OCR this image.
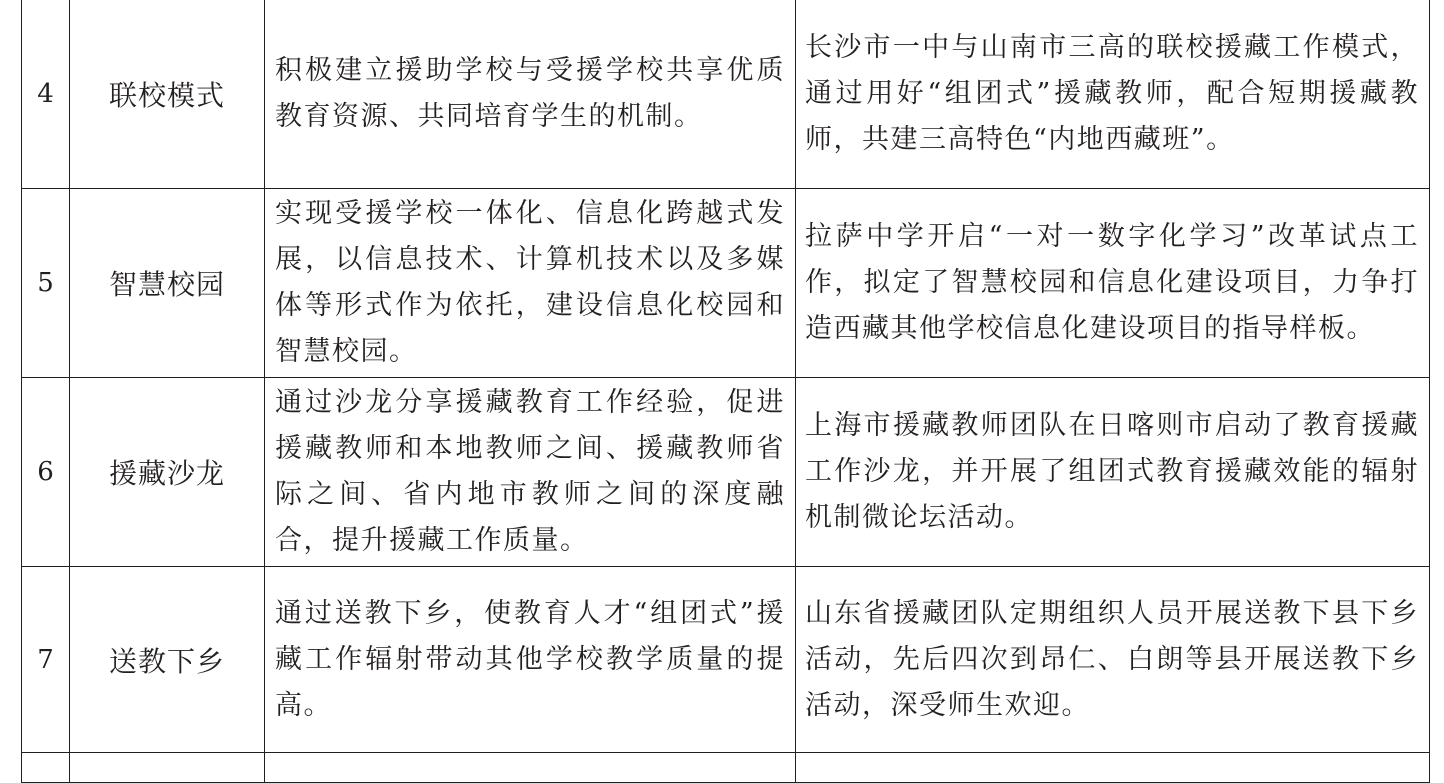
4	联校模式	积极建立援助学校与受援学校共享优质教育资源、共同培育学生的机制。	长沙市一中与山南市三高的联校援藏工作模式，通过用好“组团式”援藏教师，配合短期援藏教师，共建三高特色“内地西藏班”。

5	智慧校园	实现受援学校一体化、信息化跨越式发展，以信息技术、计算机技术以及多媒体等形式作为依托，建设信息化校园和智慧校园。	拉萨中学开启“一对一数字化学习”改革试点工作，拟定了智慧校园和信息化建设项目，力争打造西藏其他学校信息化建设项目的指导样板。

6	援藏沙龙	通过沙龙分享援藏教育工作经验，促进援藏教师和本地教师之间、援藏教师省际之间、省内地市教师之间的深度融合，提升援藏工作质量。	上海市援藏教师团队在日喀则市启动了教育援藏工作沙龙，并开展了组团式教育援藏效能的辐射机制微论坛活动。

7	送教下乡	通过送教下乡，使教育人才“组团式”援藏工作辐射带动其他学校教学质量的提高。	山东省援藏团队定期组织人员开展送教下县下乡活动，先后四次到昂仁、白朗等县开展送教下乡活动，深受师生欢迎。
